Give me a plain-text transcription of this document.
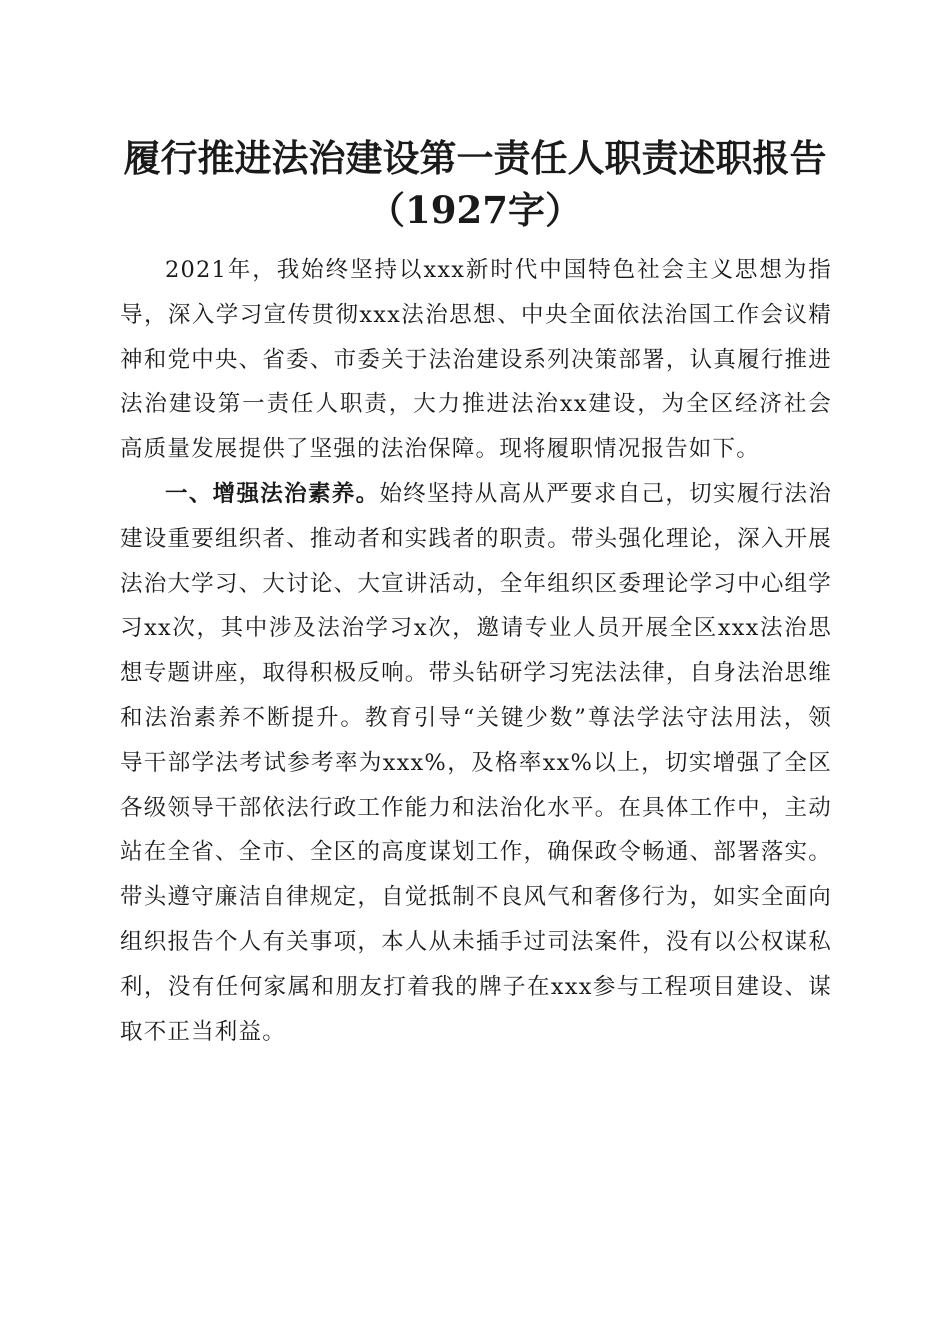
履行推进法治建设第一责任人职责述职报告
（1927字）

2021年，我始终坚持以xxx新时代中国特色社会主义思想为指导，深入学习宣传贯彻xxx法治思想、中央全面依法治国工作会议精神和党中央、省委、市委关于法治建设系列决策部署，认真履行推进法治建设第一责任人职责，大力推进法治xx建设，为全区经济社会高质量发展提供了坚强的法治保障。现将履职情况报告如下。

一、增强法治素养。始终坚持从高从严要求自己，切实履行法治建设重要组织者、推动者和实践者的职责。带头强化理论，深入开展法治大学习、大讨论、大宣讲活动，全年组织区委理论学习中心组学习xx次，其中涉及法治学习x次，邀请专业人员开展全区xxx法治思想专题讲座，取得积极反响。带头钻研学习宪法法律，自身法治思维和法治素养不断提升。教育引导“关键少数”尊法学法守法用法，领导干部学法考试参考率为xxx%，及格率xx%以上，切实增强了全区各级领导干部依法行政工作能力和法治化水平。在具体工作中，主动站在全省、全市、全区的高度谋划工作，确保政令畅通、部署落实。带头遵守廉洁自律规定，自觉抵制不良风气和奢侈行为，如实全面向组织报告个人有关事项，本人从未插手过司法案件，没有以公权谋私利，没有任何家属和朋友打着我的牌子在xxx参与工程项目建设、谋取不正当利益。
